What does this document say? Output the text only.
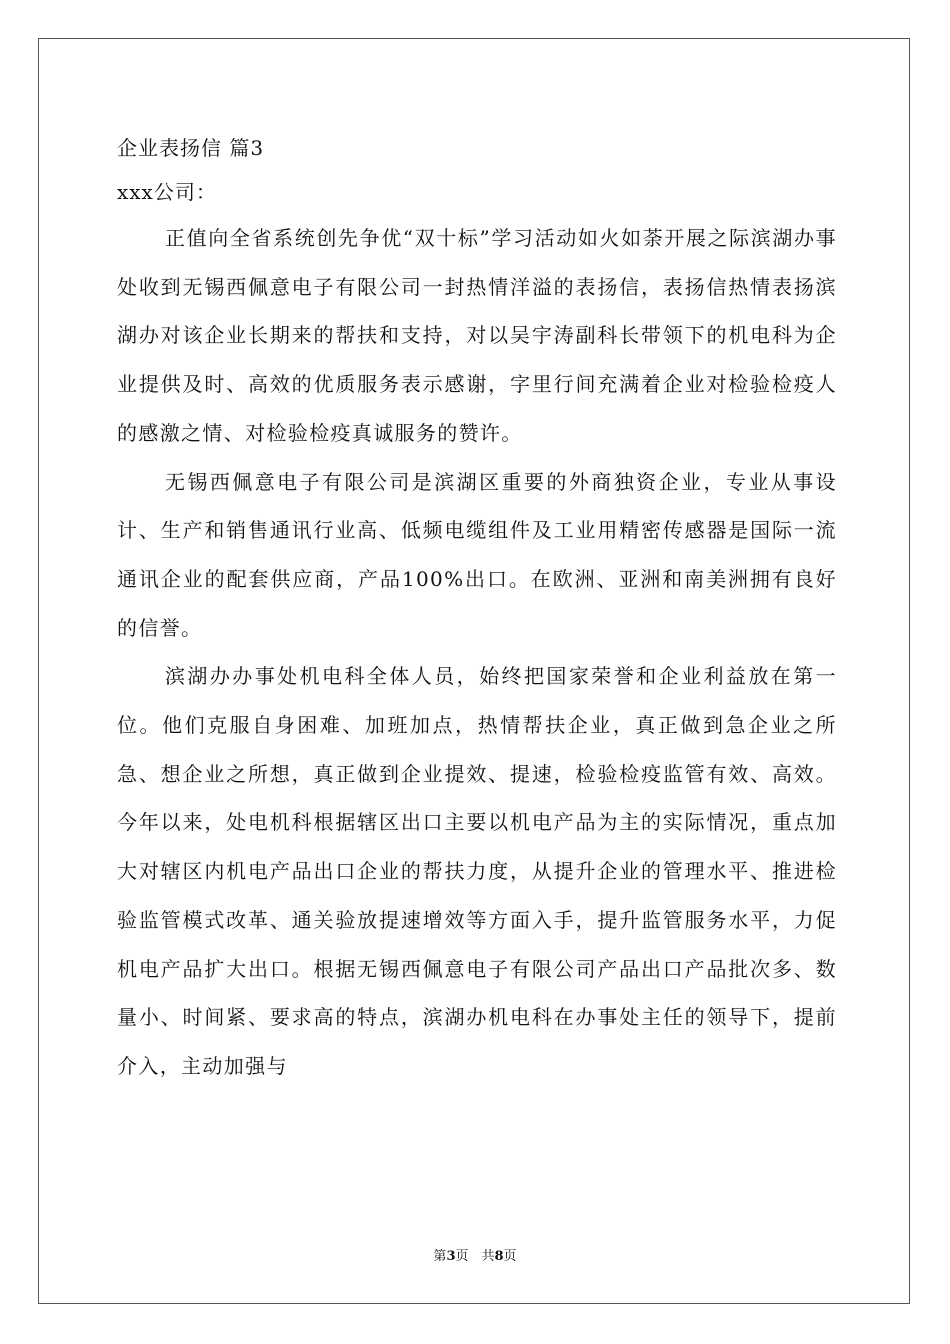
企业表扬信 篇3

xxx公司：

正值向全省系统创先争优“双十标”学习活动如火如荼开展之际滨湖办事处收到无锡西佩意电子有限公司一封热情洋溢的表扬信，表扬信热情表扬滨湖办对该企业长期来的帮扶和支持，对以吴宇涛副科长带领下的机电科为企业提供及时、高效的优质服务表示感谢，字里行间充满着企业对检验检疫人的感激之情、对检验检疫真诚服务的赞许。

无锡西佩意电子有限公司是滨湖区重要的外商独资企业，专业从事设计、生产和销售通讯行业高、低频电缆组件及工业用精密传感器是国际一流通讯企业的配套供应商，产品100%出口。在欧洲、亚洲和南美洲拥有良好的信誉。

滨湖办办事处机电科全体人员，始终把国家荣誉和企业利益放在第一位。他们克服自身困难、加班加点，热情帮扶企业，真正做到急企业之所急、想企业之所想，真正做到企业提效、提速，检验检疫监管有效、高效。今年以来，处电机科根据辖区出口主要以机电产品为主的实际情况，重点加大对辖区内机电产品出口企业的帮扶力度，从提升企业的管理水平、推进检验监管模式改革、通关验放提速增效等方面入手，提升监管服务水平，力促机电产品扩大出口。根据无锡西佩意电子有限公司产品出口产品批次多、数量小、时间紧、要求高的特点，滨湖办机电科在办事处主任的领导下，提前介入，主动加强与

第3页　共8页
